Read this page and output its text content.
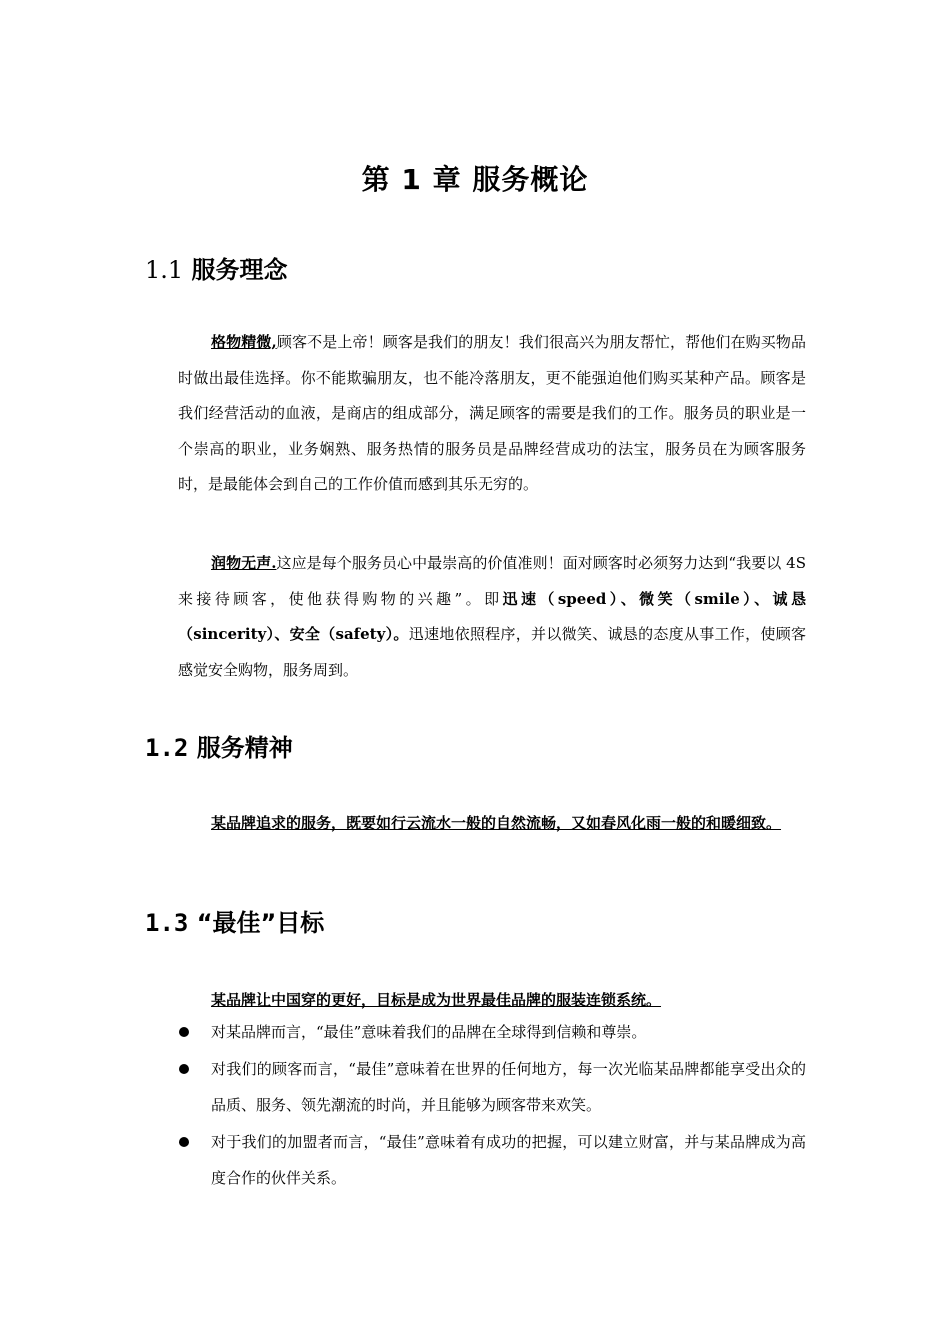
第 1 章 服务概论
1.1 服务理念

格物精微,顾客不是上帝！顾客是我们的朋友！我们很高兴为朋友帮忙，帮他们在购买物品时做出最佳选择。你不能欺骗朋友，也不能冷落朋友，更不能强迫他们购买某种产品。顾客是我们经营活动的血液，是商店的组成部分，满足顾客的需要是我们的工作。服务员的职业是一个崇高的职业，业务娴熟、服务热情的服务员是品牌经营成功的法宝，服务员在为顾客服务时，是最能体会到自己的工作价值而感到其乐无穷的。

润物无声.这应是每个服务员心中最崇高的价值准则！面对顾客时必须努力达到“我要以 4S 来接待顾客，使他获得购物的兴趣”。即迅速（speed）、微笑（smile）、诚恳（sincerity）、安全（safety）。迅速地依照程序，并以微笑、诚恳的态度从事工作，使顾客感觉安全购物，服务周到。

1.2 服务精神

某品牌追求的服务，既要如行云流水一般的自然流畅，又如春风化雨一般的和暖细致。

1.3 “最佳”目标

某品牌让中国穿的更好，目标是成为世界最佳品牌的服装连锁系统。

对某品牌而言，“最佳”意味着我们的品牌在全球得到信赖和尊崇。
对我们的顾客而言，“最佳”意味着在世界的任何地方，每一次光临某品牌都能享受出众的品质、服务、领先潮流的时尚，并且能够为顾客带来欢笑。
对于我们的加盟者而言，“最佳”意味着有成功的把握，可以建立财富，并与某品牌成为高度合作的伙伴关系。
